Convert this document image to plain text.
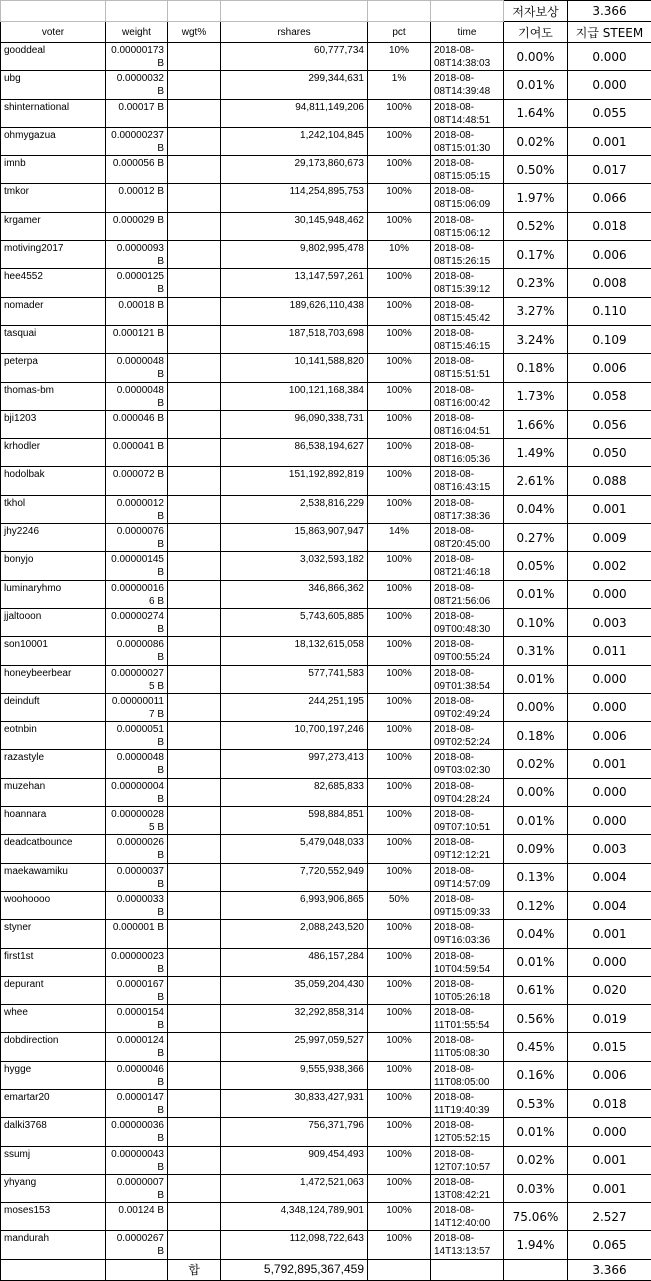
						저자보상	3.366
voter	weight	wgt%	rshares	pct	time	기여도	지급 STEEM
gooddeal	0.00000173 B		60,777,734	10%	2018-08-08T14:38:03	0.00%	0.000
ubg	0.0000032 B		299,344,631	1%	2018-08-08T14:39:48	0.01%	0.000
shinternational	0.00017 B		94,811,149,206	100%	2018-08-08T14:48:51	1.64%	0.055
ohmygazua	0.00000237 B		1,242,104,845	100%	2018-08-08T15:01:30	0.02%	0.001
imnb	0.000056 B		29,173,860,673	100%	2018-08-08T15:05:15	0.50%	0.017
tmkor	0.00012 B		114,254,895,753	100%	2018-08-08T15:06:09	1.97%	0.066
krgamer	0.000029 B		30,145,948,462	100%	2018-08-08T15:06:12	0.52%	0.018
motiving2017	0.0000093 B		9,802,995,478	10%	2018-08-08T15:26:15	0.17%	0.006
hee4552	0.0000125 B		13,147,597,261	100%	2018-08-08T15:39:12	0.23%	0.008
nomader	0.00018 B		189,626,110,438	100%	2018-08-08T15:45:42	3.27%	0.110
tasquai	0.000121 B		187,518,703,698	100%	2018-08-08T15:46:15	3.24%	0.109
peterpa	0.0000048 B		10,141,588,820	100%	2018-08-08T15:51:51	0.18%	0.006
thomas-bm	0.0000048 B		100,121,168,384	100%	2018-08-08T16:00:42	1.73%	0.058
bji1203	0.000046 B		96,090,338,731	100%	2018-08-08T16:04:51	1.66%	0.056
krhodler	0.000041 B		86,538,194,627	100%	2018-08-08T16:05:36	1.49%	0.050
hodolbak	0.000072 B		151,192,892,819	100%	2018-08-08T16:43:15	2.61%	0.088
tkhol	0.0000012 B		2,538,816,229	100%	2018-08-08T17:38:36	0.04%	0.001
jhy2246	0.0000076 B		15,863,907,947	14%	2018-08-08T20:45:00	0.27%	0.009
bonyjo	0.00000145 B		3,032,593,182	100%	2018-08-08T21:46:18	0.05%	0.002
luminaryhmo	0.00000016 6 B		346,866,362	100%	2018-08-08T21:56:06	0.01%	0.000
jjaltooon	0.00000274 B		5,743,605,885	100%	2018-08-09T00:48:30	0.10%	0.003
son10001	0.0000086 B		18,132,615,058	100%	2018-08-09T00:55:24	0.31%	0.011
honeybeerbear	0.00000027 5 B		577,741,583	100%	2018-08-09T01:38:54	0.01%	0.000
deinduft	0.00000011 7 B		244,251,195	100%	2018-08-09T02:49:24	0.00%	0.000
eotnbin	0.0000051 B		10,700,197,246	100%	2018-08-09T02:52:24	0.18%	0.006
razastyle	0.0000048 B		997,273,413	100%	2018-08-09T03:02:30	0.02%	0.001
muzehan	0.00000004 B		82,685,833	100%	2018-08-09T04:28:24	0.00%	0.000
hoannara	0.00000028 5 B		598,884,851	100%	2018-08-09T07:10:51	0.01%	0.000
deadcatbounce	0.0000026 B		5,479,048,033	100%	2018-08-09T12:12:21	0.09%	0.003
maekawamiku	0.0000037 B		7,720,552,949	100%	2018-08-09T14:57:09	0.13%	0.004
woohoooo	0.0000033 B		6,993,906,865	50%	2018-08-09T15:09:33	0.12%	0.004
styner	0.000001 B		2,088,243,520	100%	2018-08-09T16:03:36	0.04%	0.001
first1st	0.00000023 B		486,157,284	100%	2018-08-10T04:59:54	0.01%	0.000
depurant	0.0000167 B		35,059,204,430	100%	2018-08-10T05:26:18	0.61%	0.020
whee	0.0000154 B		32,292,858,314	100%	2018-08-11T01:55:54	0.56%	0.019
dobdirection	0.0000124 B		25,997,059,527	100%	2018-08-11T05:08:30	0.45%	0.015
hygge	0.0000046 B		9,555,938,366	100%	2018-08-11T08:05:00	0.16%	0.006
emartar20	0.0000147 B		30,833,427,931	100%	2018-08-11T19:40:39	0.53%	0.018
dalki3768	0.00000036 B		756,371,796	100%	2018-08-12T05:52:15	0.01%	0.000
ssumj	0.00000043 B		909,454,493	100%	2018-08-12T07:10:57	0.02%	0.001
yhyang	0.0000007 B		1,472,521,063	100%	2018-08-13T08:42:21	0.03%	0.001
moses153	0.00124 B		4,348,124,789,901	100%	2018-08-14T12:40:00	75.06%	2.527
mandurah	0.0000267 B		112,098,722,643	100%	2018-08-14T13:13:57	1.94%	0.065
		합	5,792,895,367,459				3.366
